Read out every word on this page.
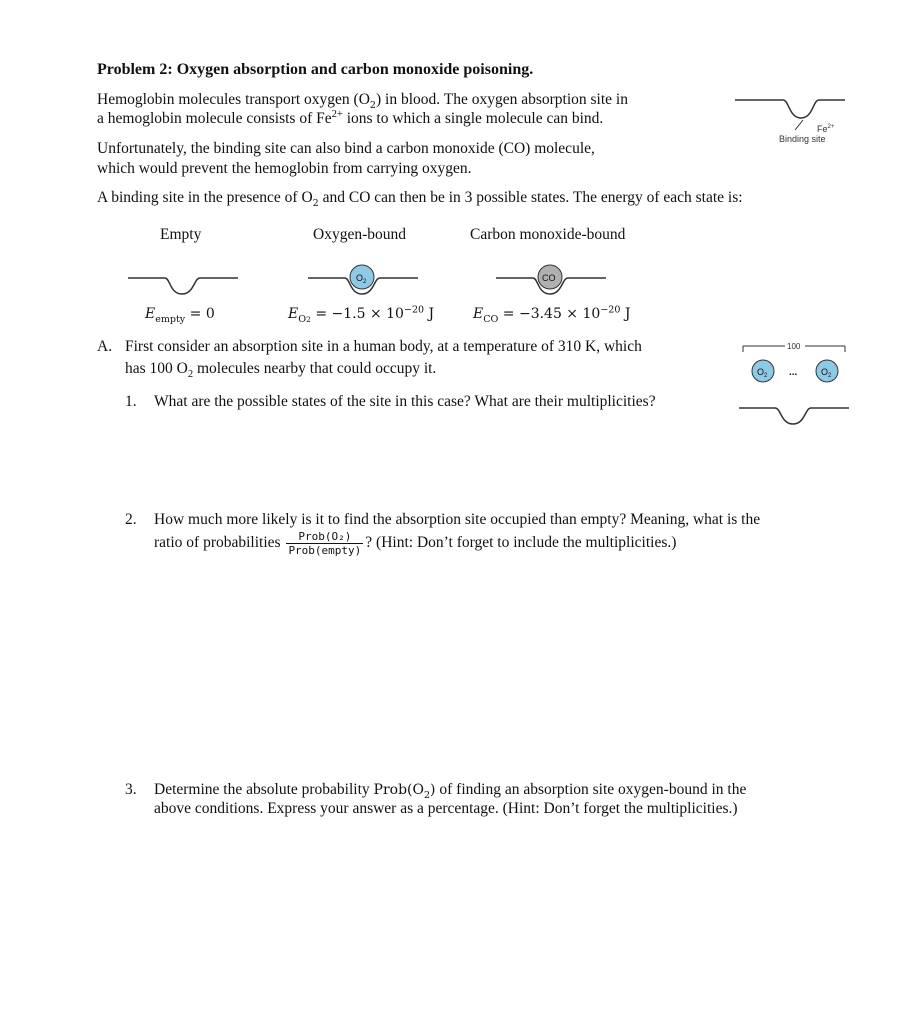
Problem 2: Oxygen absorption and carbon monoxide poisoning.
Hemoglobin molecules transport oxygen $(O_2)$ in blood. The oxygen absorption site in
a hemoglobin molecule consists of $Fe^{2+}$ ions to which a single molecule can bind.
Unfortunately, the binding site can also bind a carbon monoxide (CO) molecule,
which would prevent the hemoglobin from carrying oxygen.
A binding site in the presence of $O_2$ and CO can then be in 3 possible states. The energy of each state is:
Binding site
$Fe^{2+}$
Empty	Oxygen-bound	Carbon monoxide-bound
$O_2$	CO
$E_{empty} = 0$	$E_{O2} = -1.5 \times 10^{-20}$ J	$E_{CO} = -3.45 \times 10^{-20}$ J
A. First consider an absorption site in a human body, at a temperature of 310 K, which
has 100 $O_2$ molecules nearby that could occupy it.
100
$O_2$ ...	$O_2$
1. What are the possible states of the site in this case? What are their multiplicities?
2. How much more likely is it to find the absorption site occupied than empty? Meaning, what is the
ratio of probabilities $\frac{\text{Prob(O₂)}}{\text{Prob(empty)}}$ ? (Hint: Don’t forget to include the multiplicities.)
3. Determine the absolute probability $Prob(O_2)$ of finding an absorption site oxygen-bound in the
above conditions. Express your answer as a percentage. (Hint: Don’t forget the multiplicities.)
